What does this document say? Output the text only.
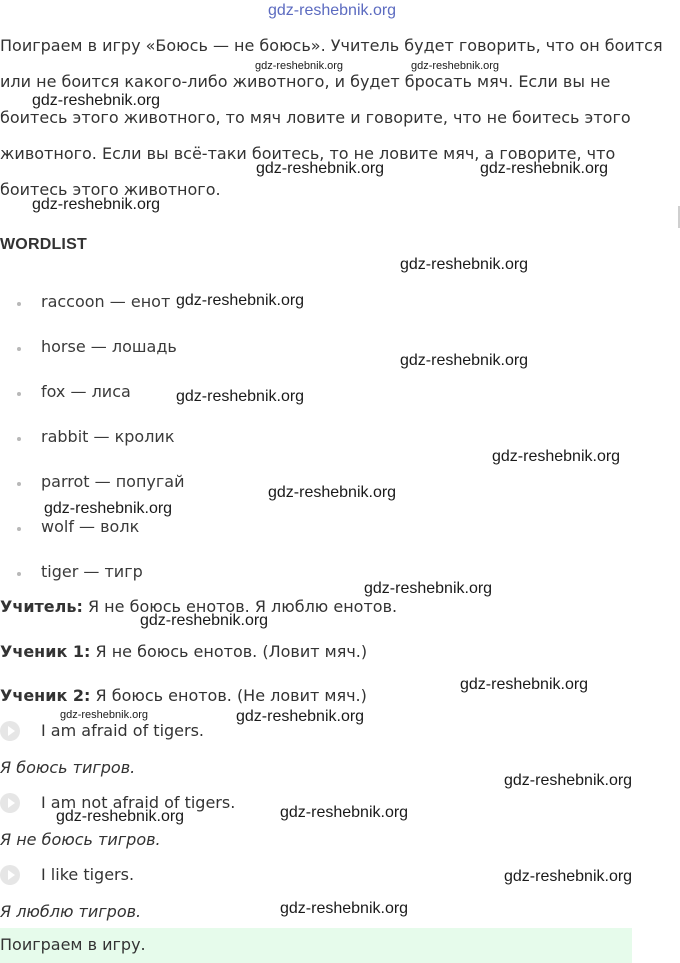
gdz-reshebnik.org
Поиграем в игру «Боюсь — не боюсь». Учитель будет говорить, что он боится
или не боится какого-либо животного, и будет бросать мяч. Если вы не
боитесь этого животного, то мяч ловите и говорите, что не боитесь этого
животного. Если вы всё-таки боитесь, то не ловите мяч, а говорите, что
боитесь этого животного.
WORDLIST
raccoon — енот
horse — лошадь
fox — лиса
rabbit — кролик
parrot — попугай
wolf — волк
tiger — тигр
Учитель: Я не боюсь енотов. Я люблю енотов.
Ученик 1: Я не боюсь енотов. (Ловит мяч.)
Ученик 2: Я боюсь енотов. (Не ловит мяч.)
I am afraid of tigers.
Я боюсь тигров.
I am not afraid of tigers.
Я не боюсь тигров.
I like tigers.
Я люблю тигров.
Поиграем в игру.
gdz-reshebnik.org	gdz-reshebnik.org
gdz-reshebnik.org
gdz-reshebnik.org	gdz-reshebnik.org
gdz-reshebnik.org
gdz-reshebnik.org
gdz-reshebnik.org
gdz-reshebnik.org
gdz-reshebnik.org
gdz-reshebnik.org
gdz-reshebnik.org
gdz-reshebnik.org
gdz-reshebnik.org
gdz-reshebnik.org
gdz-reshebnik.org
gdz-reshebnik.org	gdz-reshebnik.org
gdz-reshebnik.org
gdz-reshebnik.org	gdz-reshebnik.org
gdz-reshebnik.org
gdz-reshebnik.org
